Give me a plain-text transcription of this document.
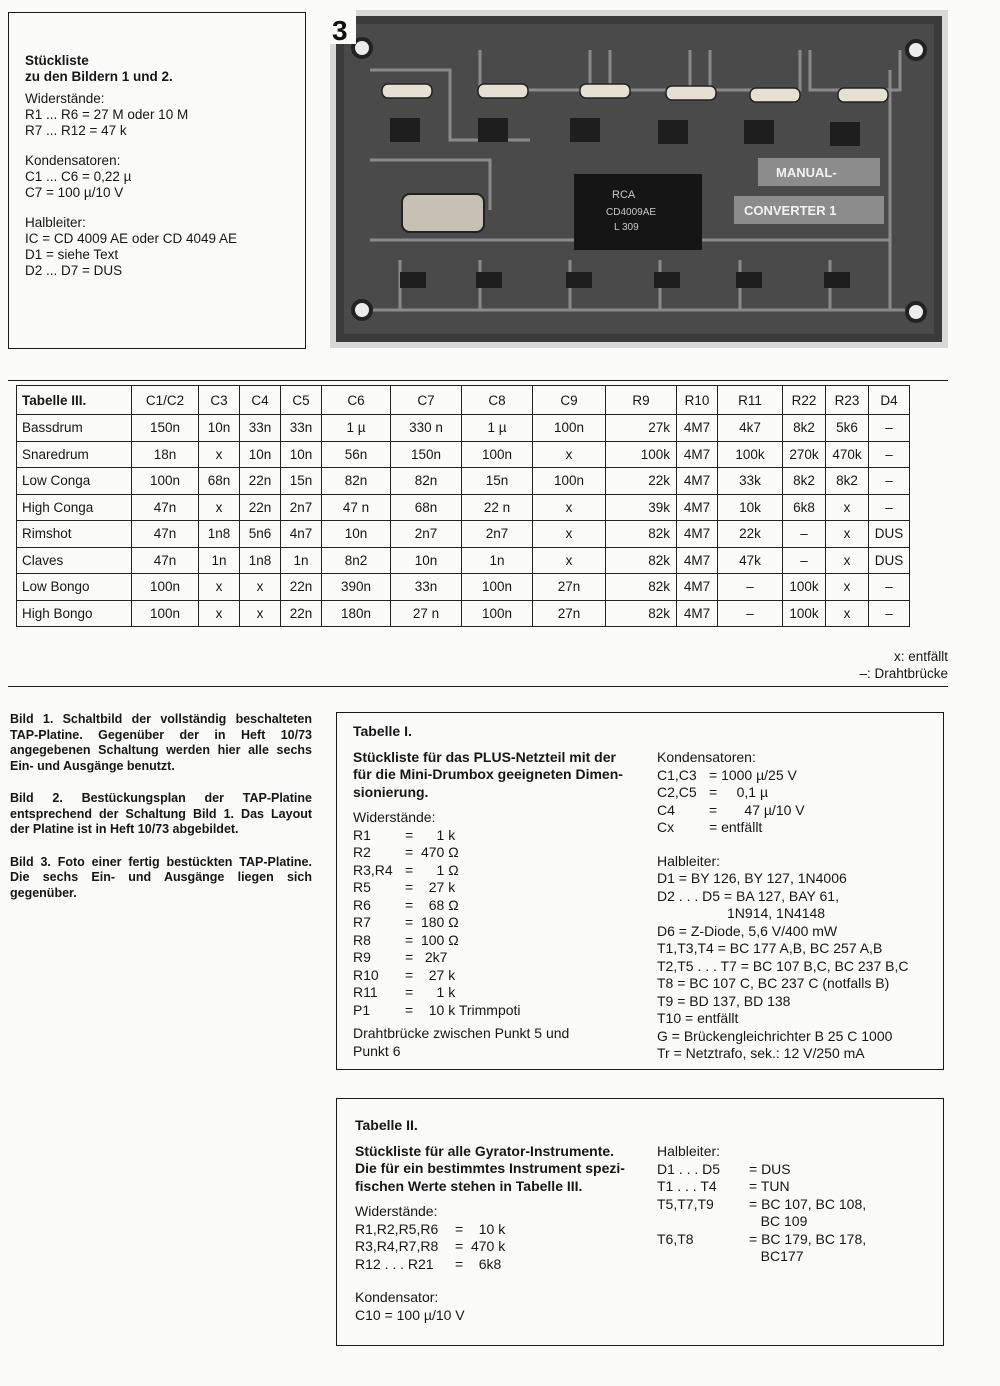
Stückliste
zu den Bildern 1 und 2.
Widerstände:
R1 ... R6 = 27 M oder 10 M
R7 ... R12 = 47 k
Kondensatoren:
C1 ... C6 = 0,22 µ
C7 = 100 µ/10 V
Halbleiter:
IC = CD 4009 AE oder CD 4049 AE
D1 = siehe Text
D2 ... D7 = DUS
RCA
CD4009AE
L 309
MANUAL-
CONVERTER 1
3
Tabelle III.	C1/C2	C3	C4	C5	C6	C7	C8	C9	R9	R10	R11	R22	R23	D4
Bassdrum	150n	10n	33n	33n	1 µ	330 n	1 µ	100n	27k	4M7	4k7	8k2	5k6	–
Snaredrum	18n	x	10n	10n	56n	150n	100n	x	100k	4M7	100k	270k	470k	–
Low Conga	100n	68n	22n	15n	82n	82n	15n	100n	22k	4M7	33k	8k2	8k2	–
High Conga	47n	x	22n	2n7	47 n	68n	22 n	x	39k	4M7	10k	6k8	x	–
Rimshot	47n	1n8	5n6	4n7	10n	2n7	2n7	x	82k	4M7	22k	–	x	DUS
Claves	47n	1n	1n8	1n	8n2	10n	1n	x	82k	4M7	47k	–	x	DUS
Low Bongo	100n	x	x	22n	390n	33n	100n	27n	82k	4M7	–	100k	x	–
High Bongo	100n	x	x	22n	180n	27 n	100n	27n	82k	4M7	–	100k	x	–
x: entfällt
–: Drahtbrücke

Bild 1. Schaltbild der vollständig beschalteten TAP-Platine. Gegenüber der in Heft 10/73 angegebenen Schaltung werden hier alle sechs Ein- und Ausgänge benutzt.

Bild 2. Bestückungsplan der TAP-Platine entsprechend der Schaltung Bild 1. Das Layout der Platine ist in Heft 10/73 abgebildet.

Bild 3. Foto einer fertig bestückten TAP-Platine. Die sechs Ein- und Ausgänge liegen sich gegenüber.

Tabelle I.
Stückliste für das PLUS-Netzteil mit der
für die Mini-Drumbox geeigneten Dimen-
sionierung.
Widerstände:
R1	=      1 k
R2	=  470 Ω
R3,R4 =      1 Ω
R5	=    27 k
R6	=    68 Ω
R7	=  180 Ω
R8	=  100 Ω
R9	=   2k7
R10	=    27 k
R11	=      1 k
P1	=    10 k Trimmpoti
Drahtbrücke zwischen Punkt 5 und
Punkt 6
Kondensatoren:
C1,C3 = 1000 µ/25 V
C2,C5 =     0,1 µ
C4	=       47 µ/10 V
Cx	= entfällt
Halbleiter:
D1 = BY 126, BY 127, 1N4006
D2 . . . D5 = BA 127, BAY 61,
1N914, 1N4148
D6 = Z-Diode, 5,6 V/400 mW
T1,T3,T4 = BC 177 A,B, BC 257 A,B
T2,T5 . . . T7 = BC 107 B,C, BC 237 B,C
T8 = BC 107 C, BC 237 C (notfalls B)
T9 = BD 137, BD 138
T10 = entfällt
G = Brückengleichrichter B 25 C 1000
Tr = Netztrafo, sek.: 12 V/250 mA
Tabelle II.
Stückliste für alle Gyrator-Instrumente.
Die für ein bestimmtes Instrument spezi-
fischen Werte stehen in Tabelle III.
Widerstände:
R1,R2,R5,R6	=    10 k
R3,R4,R7,R8	=  470 k
R12 . . . R21	=    6k8
Kondensator:
C10 = 100 µ/10 V
Halbleiter:
D1 . . . D5	= DUS
T1 . . . T4	= TUN
T5,T7,T9	= BC 107, BC 108,
BC 109
T6,T8	= BC 179, BC 178,
BC177
